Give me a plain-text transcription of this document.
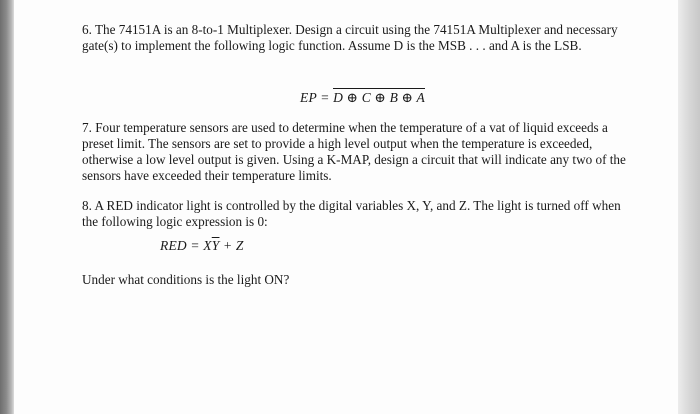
6. The 74151A is an 8-to-1 Multiplexer. Design a circuit using the 74151A Multiplexer and necessary gate(s) to implement the following logic function. Assume D is the MSB . . . and A is the LSB.

EP = D ⊕ C ⊕ B ⊕ A

7. Four temperature sensors are used to determine when the temperature of a vat of liquid exceeds a preset limit. The sensors are set to provide a high level output when the temperature is exceeded, otherwise a low level output is given. Using a K-MAP, design a circuit that will indicate any two of the sensors have exceeded their temperature limits.

8. A RED indicator light is controlled by the digital variables X, Y, and Z. The light is turned off when the following logic expression is 0:

RED = $X\overline{Y} + Z$

Under what conditions is the light ON?
